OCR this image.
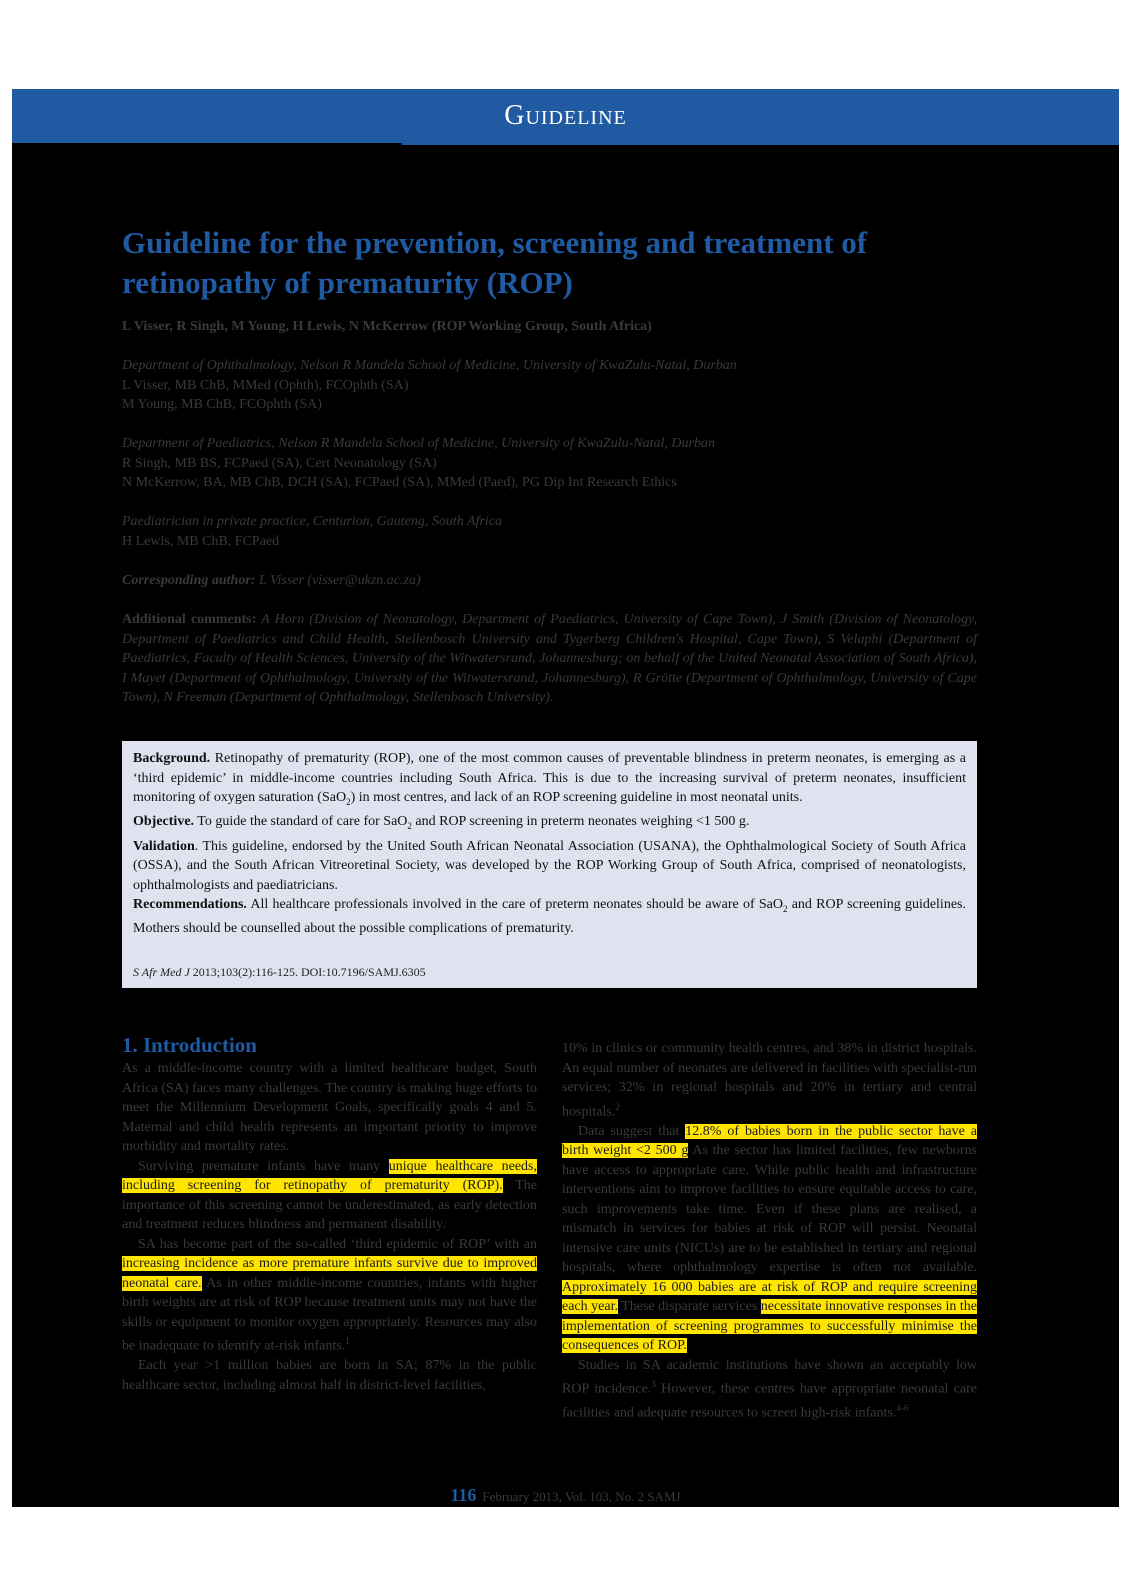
Guideline
Guideline for the prevention, screening and treatment of retinopathy of prematurity (ROP)
L Visser, R Singh, M Young, H Lewis, N McKerrow (ROP Working Group, South Africa)
Department of Ophthalmology, Nelson R Mandela School of Medicine, University of KwaZulu-Natal, Durban
L Visser, MB ChB, MMed (Ophth), FCOphth (SA)
M Young, MB ChB, FCOphth (SA)
Department of Paediatrics, Nelson R Mandela School of Medicine, University of KwaZulu-Natal, Durban
R Singh, MB BS, FCPaed (SA), Cert Neonatology (SA)
N McKerrow, BA, MB ChB, DCH (SA), FCPaed (SA), MMed (Paed), PG Dip Int Research Ethics
Paediatrician in private practice, Centurion, Gauteng, South Africa
H Lewis, MB ChB, FCPaed
Corresponding author: L Visser (visser@ukzn.ac.za)
Additional comments: A Horn (Division of Neonatology, Department of Paediatrics, University of Cape Town), J Smith (Division of Neonatology, Department of Paediatrics and Child Health, Stellenbosch University and Tygerberg Children's Hospital, Cape Town), S Velaphi (Department of Paediatrics, Faculty of Health Sciences, University of the Witwatersrand, Johannesburg; on behalf of the United Neonatal Association of South Africa), I Mayet (Department of Ophthalmology, University of the Witwatersrand, Johannesburg), R Grötte (Department of Ophthalmology, University of Cape Town), N Freeman (Department of Ophthalmology, Stellenbosch University).

Background. Retinopathy of prematurity (ROP), one of the most common causes of preventable blindness in preterm neonates, is emerging as a ‘third epidemic’ in middle-income countries including South Africa. This is due to the increasing survival of preterm neonates, insufficient monitoring of oxygen saturation (SaO$_2$) in most centres, and lack of an ROP screening guideline in most neonatal units.

Objective. To guide the standard of care for SaO$_2$ and ROP screening in preterm neonates weighing <1 500 g.

Validation. This guideline, endorsed by the United South African Neonatal Association (USANA), the Ophthalmological Society of South Africa (OSSA), and the South African Vitreoretinal Society, was developed by the ROP Working Group of South Africa, comprised of neonatologists, ophthalmologists and paediatricians.

Recommendations. All healthcare professionals involved in the care of preterm neonates should be aware of SaO$_2$ and ROP screening guidelines. Mothers should be counselled about the possible complications of prematurity.

S Afr Med J 2013;103(2):116-125. DOI:10.7196/SAMJ.6305
1. Introduction

As a middle-income country with a limited healthcare budget, South Africa (SA) faces many challenges. The country is making huge efforts to meet the Millennium Development Goals, specifically goals 4 and 5. Maternal and child health represents an important priority to improve morbidity and mortality rates.

Surviving premature infants have many unique healthcare needs, including screening for retinopathy of prematurity (ROP). The importance of this screening cannot be underestimated, as early detection and treatment reduces blindness and permanent disability.

SA has become part of the so-called ‘third epidemic of ROP’ with an increasing incidence as more premature infants survive due to improved neonatal care. As in other middle-income countries, infants with higher birth weights are at risk of ROP because treatment units may not have the skills or equipment to monitor oxygen appropriately. Resources may also be inadequate to identify at-risk infants.$^1$

Each year >1 million babies are born in SA; 87% in the public healthcare sector, including almost half in district-level facilities,

10% in clinics or community health centres, and 38% in district hospitals. An equal number of neonates are delivered in facilities with specialist-run services; 32% in regional hospitals and 20% in tertiary and central hospitals.$^2$

Data suggest that 12.8% of babies born in the public sector have a birth weight <2 500 g As the sector has limited facilities, few newborns have access to appropriate care. While public health and infrastructure interventions aim to improve facilities to ensure equitable access to care, such improvements take time. Even if these plans are realised, a mismatch in services for babies at risk of ROP will persist. Neonatal intensive care units (NICUs) are to be established in tertiary and regional hospitals, where ophthalmology expertise is often not available. Approximately 16 000 babies are at risk of ROP and require screening each year. These disparate services necessitate innovative responses in the implementation of screening programmes to successfully minimise the consequences of ROP.

Studies in SA academic institutions have shown an acceptably low ROP incidence.$^3$ However, these centres have appropriate neonatal care facilities and adequate resources to screen high-risk infants.$^{4-6}$

116 February 2013, Vol. 103, No. 2 SAMJ
